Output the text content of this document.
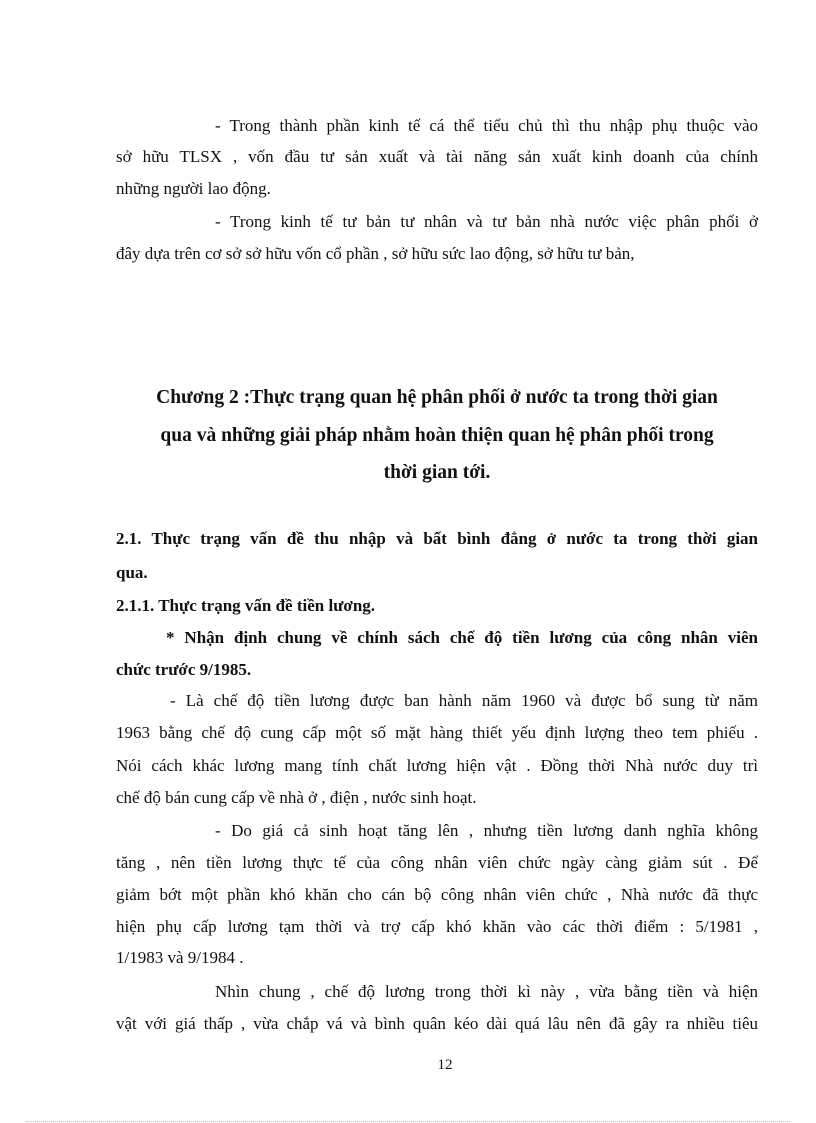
- Trong thành phần kinh tế cá thể tiểu chủ thì thu nhập phụ thuộc vào
sở hữu TLSX , vốn đầu tư sản xuất và tài năng sản xuất kinh doanh của chính
những người lao động.
- Trong kinh tế tư bản tư nhân và tư bản nhà nước việc phân phối ở
đây dựa trên cơ sở sở hữu vốn cổ phần , sở hữu sức lao động, sở hữu tư bản,
Chương 2 :Thực trạng quan hệ phân phối ở nước ta trong thời gian
qua và những giải pháp nhằm hoàn thiện quan hệ phân phối trong
thời gian tới.
2.1. Thực trạng vấn đề thu nhập và bất bình đẳng ở nước ta trong thời gian
qua.
2.1.1. Thực trạng vấn đề tiền lương.
* Nhận định chung về chính sách chế độ tiền lương của công nhân viên
chức trước 9/1985.
- Là chế độ tiền lương được ban hành năm 1960 và được bổ sung từ năm
1963 bằng chế độ cung cấp một số mặt hàng thiết yếu định lượng theo tem phiếu .
Nói cách khác lương mang tính chất lương hiện vật . Đồng thời Nhà nước duy trì
chế độ bán cung cấp về nhà ở , điện , nước sinh hoạt.
- Do giá cả sinh hoạt tăng lên , nhưng tiền lương danh nghĩa không
tăng , nên tiền lương thực tế của công nhân viên chức ngày càng giảm sút . Để
giảm bớt một phần khó khăn cho cán bộ công nhân viên chức , Nhà nước đã thực
hiện phụ cấp lương tạm thời và trợ cấp khó khăn vào các thời điểm : 5/1981 ,
1/1983 và 9/1984 .
Nhìn chung , chế độ lương trong thời kì này , vừa bằng tiền và hiện
vật với giá thấp , vừa chắp vá và bình quân kéo dài quá lâu nên đã gây ra nhiều tiêu
12
